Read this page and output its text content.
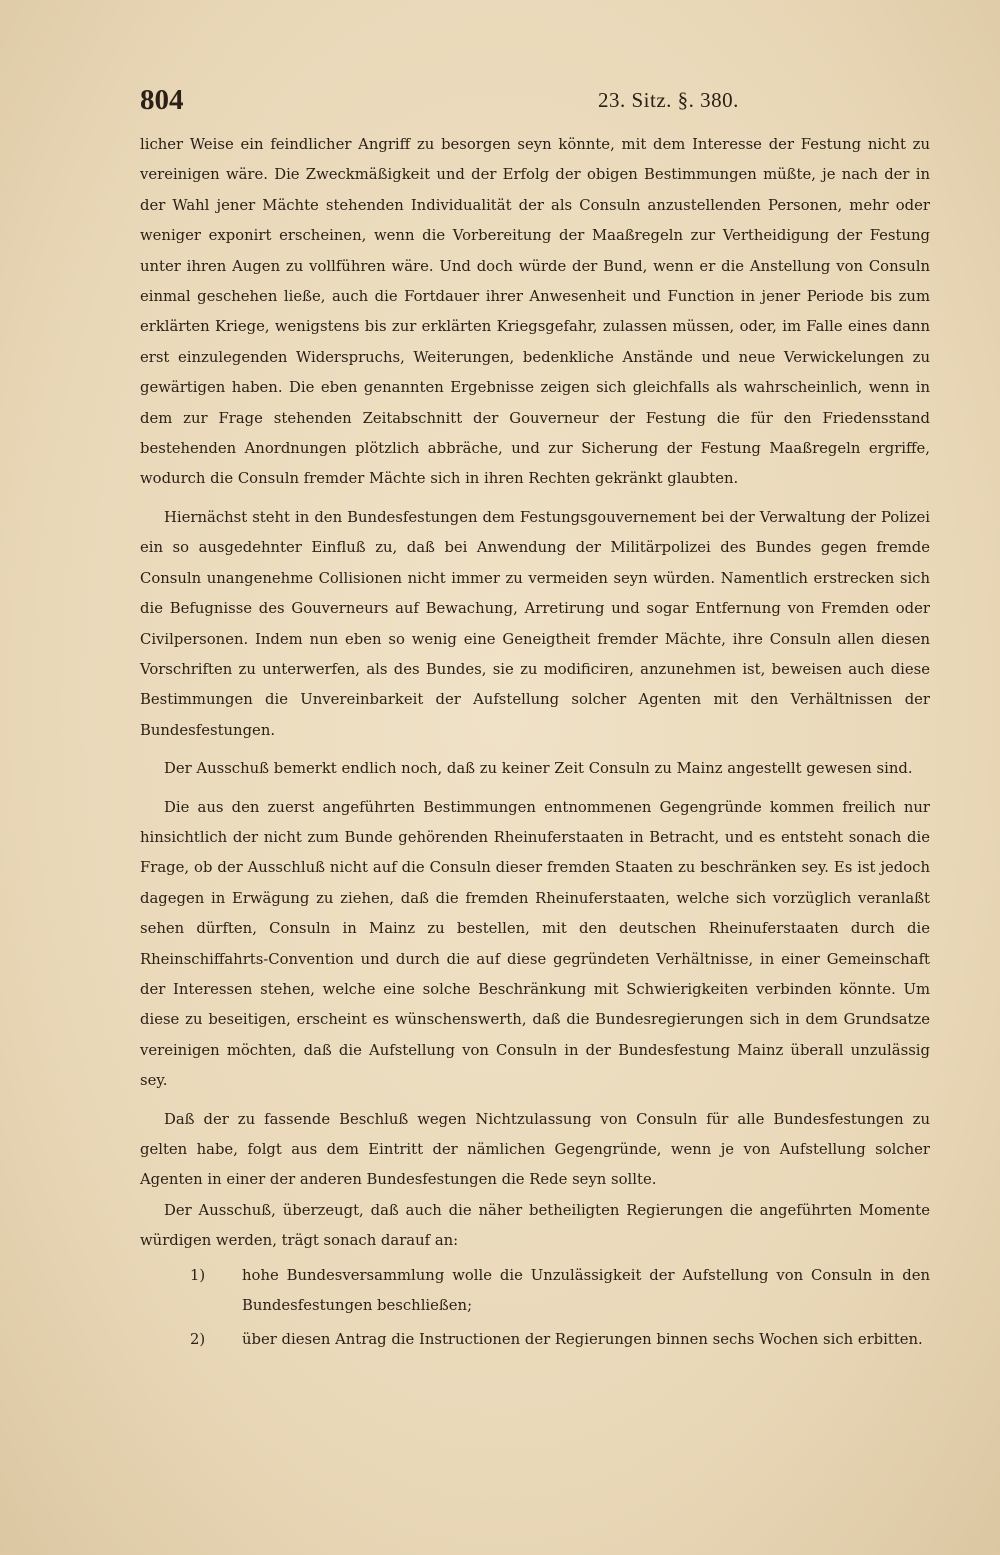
804	23. Sitz. §. 380.

licher Weise ein feindlicher Angriff zu besorgen seyn könnte, mit dem Interesse der Festung nicht zu vereinigen wäre. Die Zweckmäßigkeit und der Erfolg der obigen Bestimmungen müßte, je nach der in der Wahl jener Mächte stehenden Individualität der als Consuln anzustellenden Personen, mehr oder weniger exponirt erscheinen, wenn die Vorbereitung der Maaßregeln zur Vertheidigung der Festung unter ihren Augen zu vollführen wäre. Und doch würde der Bund, wenn er die Anstellung von Consuln einmal geschehen ließe, auch die Fortdauer ihrer Anwesenheit und Function in jener Periode bis zum erklärten Kriege, wenigstens bis zur erklärten Kriegsgefahr, zulassen müssen, oder, im Falle eines dann erst einzulegenden Widerspruchs, Weiterungen, bedenkliche Anstände und neue Verwickelungen zu gewärtigen haben. Die eben genannten Ergebnisse zeigen sich gleichfalls als wahrscheinlich, wenn in dem zur Frage stehenden Zeitabschnitt der Gouverneur der Festung die für den Friedensstand bestehenden Anordnungen plötzlich abbräche, und zur Sicherung der Festung Maaßregeln ergriffe, wodurch die Consuln fremder Mächte sich in ihren Rechten gekränkt glaubten.

Hiernächst steht in den Bundesfestungen dem Festungsgouvernement bei der Verwaltung der Polizei ein so ausgedehnter Einfluß zu, daß bei Anwendung der Militärpolizei des Bundes gegen fremde Consuln unangenehme Collisionen nicht immer zu vermeiden seyn würden. Namentlich erstrecken sich die Befugnisse des Gouverneurs auf Bewachung, Arretirung und sogar Entfernung von Fremden oder Civilpersonen. Indem nun eben so wenig eine Geneigtheit fremder Mächte, ihre Consuln allen diesen Vorschriften zu unterwerfen, als des Bundes, sie zu modificiren, anzunehmen ist, beweisen auch diese Bestimmungen die Unvereinbarkeit der Aufstellung solcher Agenten mit den Verhältnissen der Bundesfestungen.

Der Ausschuß bemerkt endlich noch, daß zu keiner Zeit Consuln zu Mainz angestellt gewesen sind.

Die aus den zuerst angeführten Bestimmungen entnommenen Gegengründe kommen freilich nur hinsichtlich der nicht zum Bunde gehörenden Rheinuferstaaten in Betracht, und es entsteht sonach die Frage, ob der Ausschluß nicht auf die Consuln dieser fremden Staaten zu beschränken sey. Es ist jedoch dagegen in Erwägung zu ziehen, daß die fremden Rheinuferstaaten, welche sich vorzüglich veranlaßt sehen dürften, Consuln in Mainz zu bestellen, mit den deutschen Rheinuferstaaten durch die Rheinschiffahrts-Convention und durch die auf diese gegründeten Verhältnisse, in einer Gemeinschaft der Interessen stehen, welche eine solche Beschränkung mit Schwierigkeiten verbinden könnte. Um diese zu beseitigen, erscheint es wünschenswerth, daß die Bundesregierungen sich in dem Grundsatze vereinigen möchten, daß die Aufstellung von Consuln in der Bundesfestung Mainz überall unzulässig sey.

Daß der zu fassende Beschluß wegen Nichtzulassung von Consuln für alle Bundesfestungen zu gelten habe, folgt aus dem Eintritt der nämlichen Gegengründe, wenn je von Aufstellung solcher Agenten in einer der anderen Bundesfestungen die Rede seyn sollte.

Der Ausschuß, überzeugt, daß auch die näher betheiligten Regierungen die angeführten Momente würdigen werden, trägt sonach darauf an:

1)	hohe Bundesversammlung wolle die Unzulässigkeit der Aufstellung von Consuln in den Bundesfestungen beschließen;
2)	über diesen Antrag die Instructionen der Regierungen binnen sechs Wochen sich erbitten.
